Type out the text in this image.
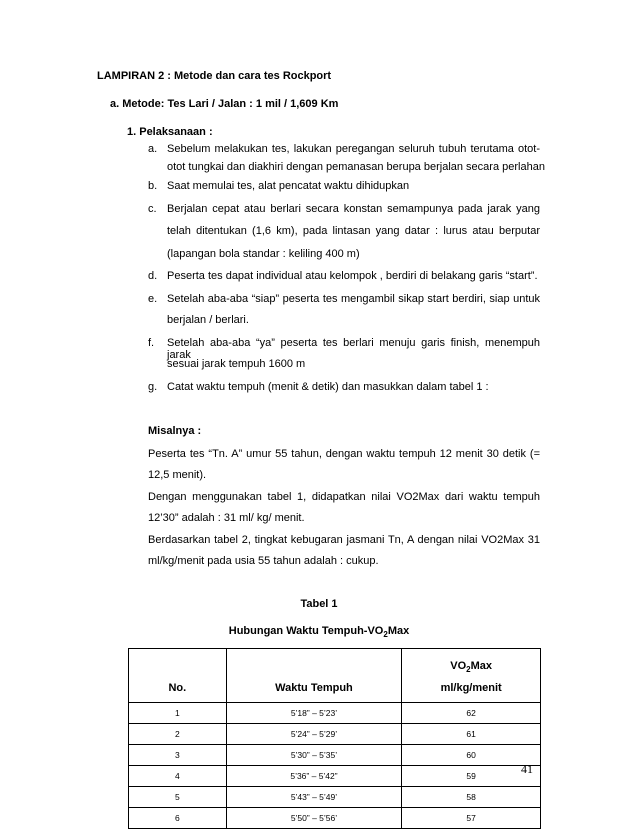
LAMPIRAN 2 : Metode dan cara tes Rockport
a. Metode: Tes Lari / Jalan : 1 mil / 1,609 Km
1. Pelaksanaan :
a. Sebelum melakukan tes, lakukan peregangan seluruh tubuh terutama otot-
otot tungkai dan diakhiri dengan pemanasan berupa berjalan secara perlahan
b. Saat memulai tes, alat pencatat waktu dihidupkan
c. Berjalan cepat atau berlari secara konstan semampunya pada jarak yang
telah ditentukan (1,6 km), pada lintasan yang datar : lurus atau berputar
(lapangan bola standar : keliling 400 m)
d. Peserta tes dapat individual atau kelompok , berdiri di belakang garis “start”.
e. Setelah aba-aba “siap” peserta tes mengambil sikap start berdiri, siap untuk
berjalan / berlari.
f. Setelah aba-aba “ya” peserta tes berlari menuju garis finish, menempuh jarak
sesuai jarak tempuh 1600 m
g. Catat waktu tempuh (menit & detik) dan masukkan dalam tabel 1 :
Misalnya :
Peserta tes “Tn. A” umur 55 tahun, dengan waktu tempuh 12 menit 30 detik (=
12,5 menit).
Dengan menggunakan tabel 1, didapatkan nilai VO2Max dari waktu tempuh
12’30” adalah : 31 ml/ kg/ menit.
Berdasarkan tabel 2, tingkat kebugaran jasmani Tn, A dengan nilai VO2Max 31
ml/kg/menit pada usia 55 tahun adalah : cukup.
Tabel 1
Hubungan Waktu Tempuh-$VO_2Max$
No.	Waktu Tempuh	$VO_2Max$
ml/kg/menit

1	5’18” – 5’23’	62
2	5’24” – 5’29’	61
3	5’30” – 5’35’	60
4	5’36” – 5’42”	59
5	5’43” – 5’49’	58
6	5’50” – 5’56’	57
41
